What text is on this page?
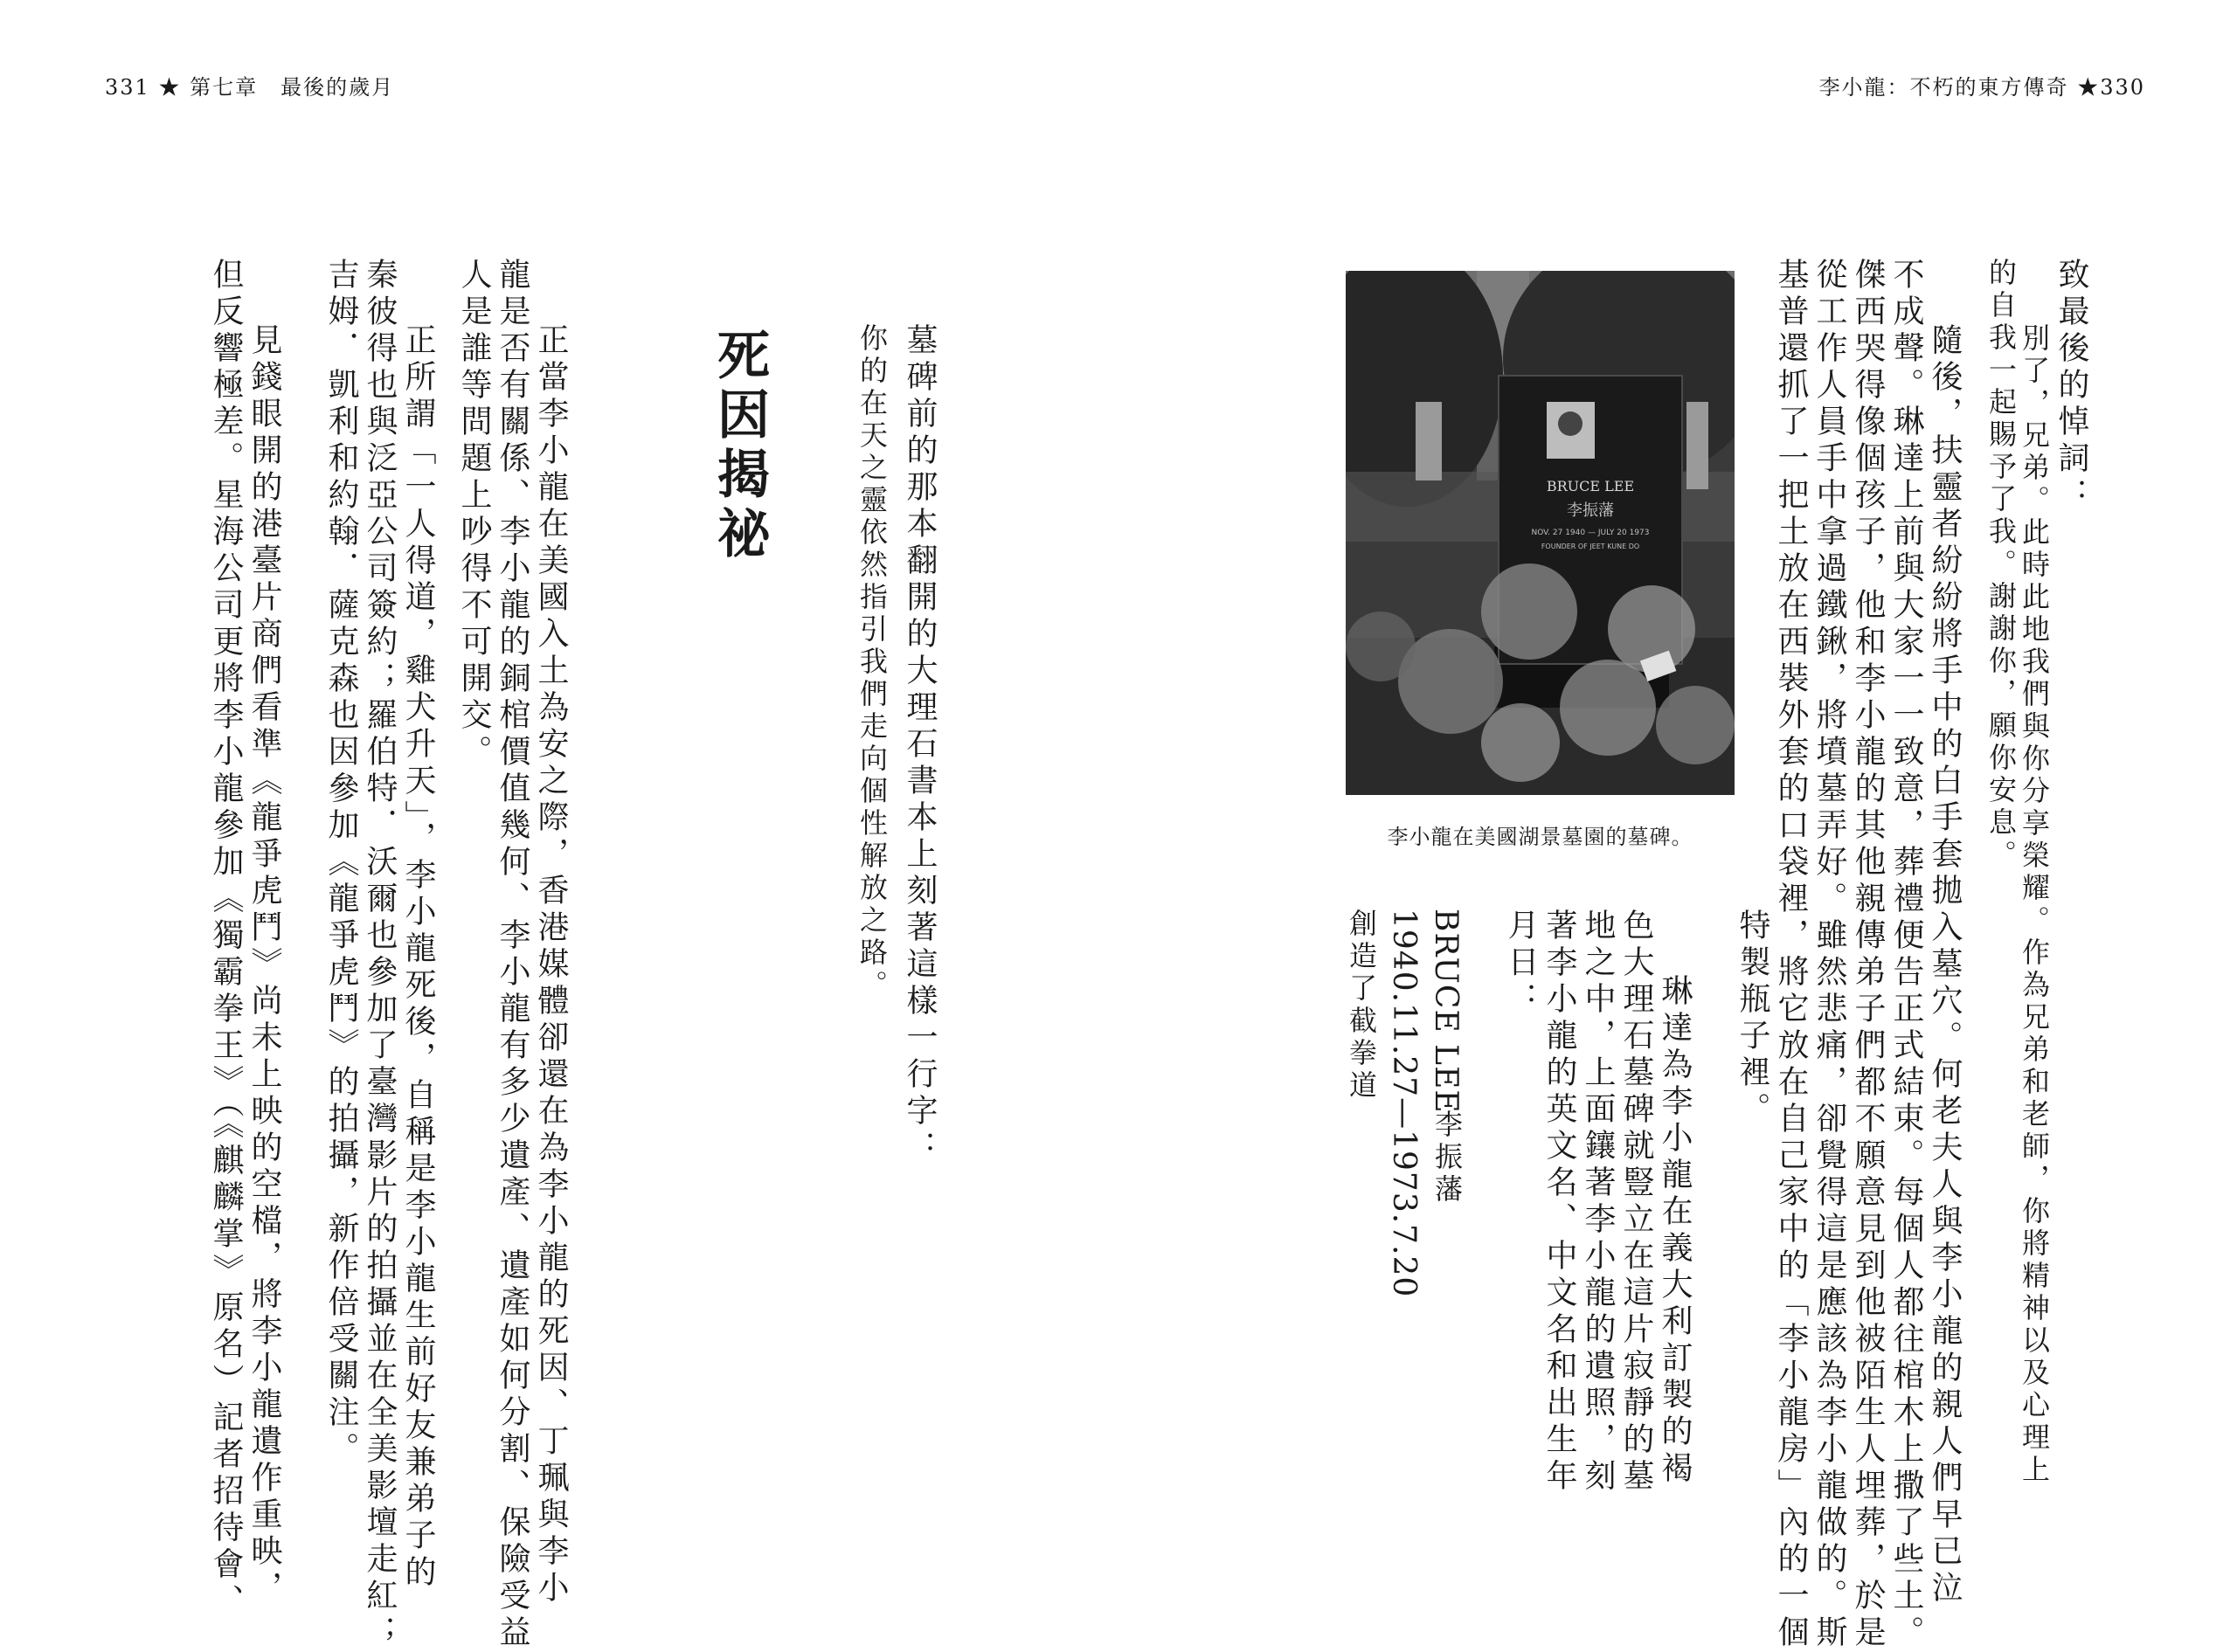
331 ★ 第七章　最後的歲月	李小龍：不朽的東方傳奇 ★330
致最後的悼詞：
別了，兄弟。此時此地我們與你分享榮耀。作為兄弟和老師，你將精神以及心理上
的自我一起賜予了我。謝謝你，願你安息。
隨後，扶靈者紛紛將手中的白手套拋入墓穴。何老夫人與李小龍的親人們早已泣
不成聲。琳達上前與大家一一致意，葬禮便告正式結束。每個人都往棺木上撒了些土。
傑西哭得像個孩子，他和李小龍的其他親傳弟子們都不願意見到他被陌生人埋葬，於是
從工作人員手中拿過鐵鍬，將墳墓弄好。雖然悲痛，卻覺得這是應該為李小龍做的。斯
基普還抓了一把土放在西裝外套的口袋裡，將它放在自己家中的「李小龍房」內的一個
特製瓶子裡。
琳達為李小龍在義大利訂製的褐
色大理石墓碑就豎立在這片寂靜的墓
地之中，上面鑲著李小龍的遺照，刻
著李小龍的英文名、中文名和出生年
月日：
BRUCE LEE
李振藩
1940.11.27—1973.7.20
創造了截拳道
BRUCE LEE
李振藩
NOV. 27 1940 — JULY 20 1973
FOUNDER OF JEET KUNE DO
李小龍在美國湖景墓園的墓碑。
墓碑前的那本翻開的大理石書本上刻著這樣一行字：
你的在天之靈依然指引我們走向個性解放之路。
死因揭祕
正當李小龍在美國入土為安之際，香港媒體卻還在為李小龍的死因、丁珮與李小
龍是否有關係、李小龍的銅棺價值幾何、李小龍有多少遺產、遺產如何分割、保險受益
人是誰等問題上吵得不可開交。
正所謂「一人得道，雞犬升天」，李小龍死後，自稱是李小龍生前好友兼弟子的
秦彼得也與泛亞公司簽約；羅伯特．沃爾也參加了臺灣影片的拍攝並在全美影壇走紅；
吉姆．凱利和約翰．薩克森也因參加《龍爭虎鬥》的拍攝，新作倍受關注。
見錢眼開的港臺片商們看準《龍爭虎鬥》尚未上映的空檔，將李小龍遺作重映，
但反響極差。星海公司更將李小龍參加《獨霸拳王》（《麒麟掌》原名）記者招待會、
